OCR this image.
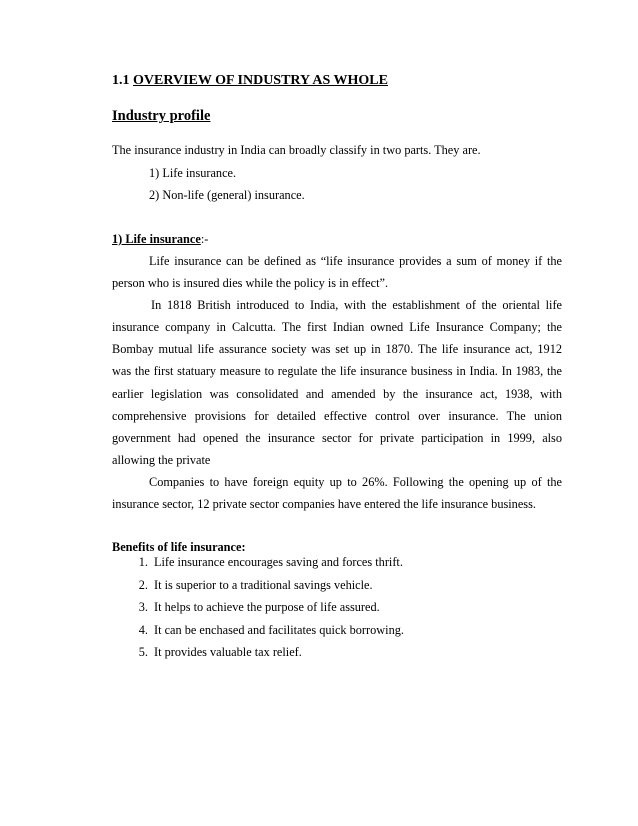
1.1 OVERVIEW OF INDUSTRY AS WHOLE
Industry profile
The insurance industry in India can broadly classify in two parts. They are.
1) Life insurance.
2) Non-life (general) insurance.
1) Life insurance:-
Life insurance can be defined as “life insurance provides a sum of money if the
person who is insured dies while the policy is in effect”.
In 1818 British introduced to India, with the establishment of the oriental life
insurance company in Calcutta. The first Indian owned Life Insurance Company; the
Bombay mutual life assurance society was set up in 1870. The life insurance act, 1912
was the first statuary measure to regulate the life insurance business in India. In 1983, the
earlier legislation was consolidated and amended by the insurance act, 1938, with
comprehensive provisions for detailed effective control over insurance. The union
government had opened the insurance sector for private participation in 1999, also
allowing the private
Companies to have foreign equity up to 26%. Following the opening up of the
insurance sector, 12 private sector companies have entered the life insurance business.
Benefits of life insurance:
1. Life insurance encourages saving and forces thrift.
2. It is superior to a traditional savings vehicle.
3. It helps to achieve the purpose of life assured.
4. It can be enchased and facilitates quick borrowing.
5. It provides valuable tax relief.
